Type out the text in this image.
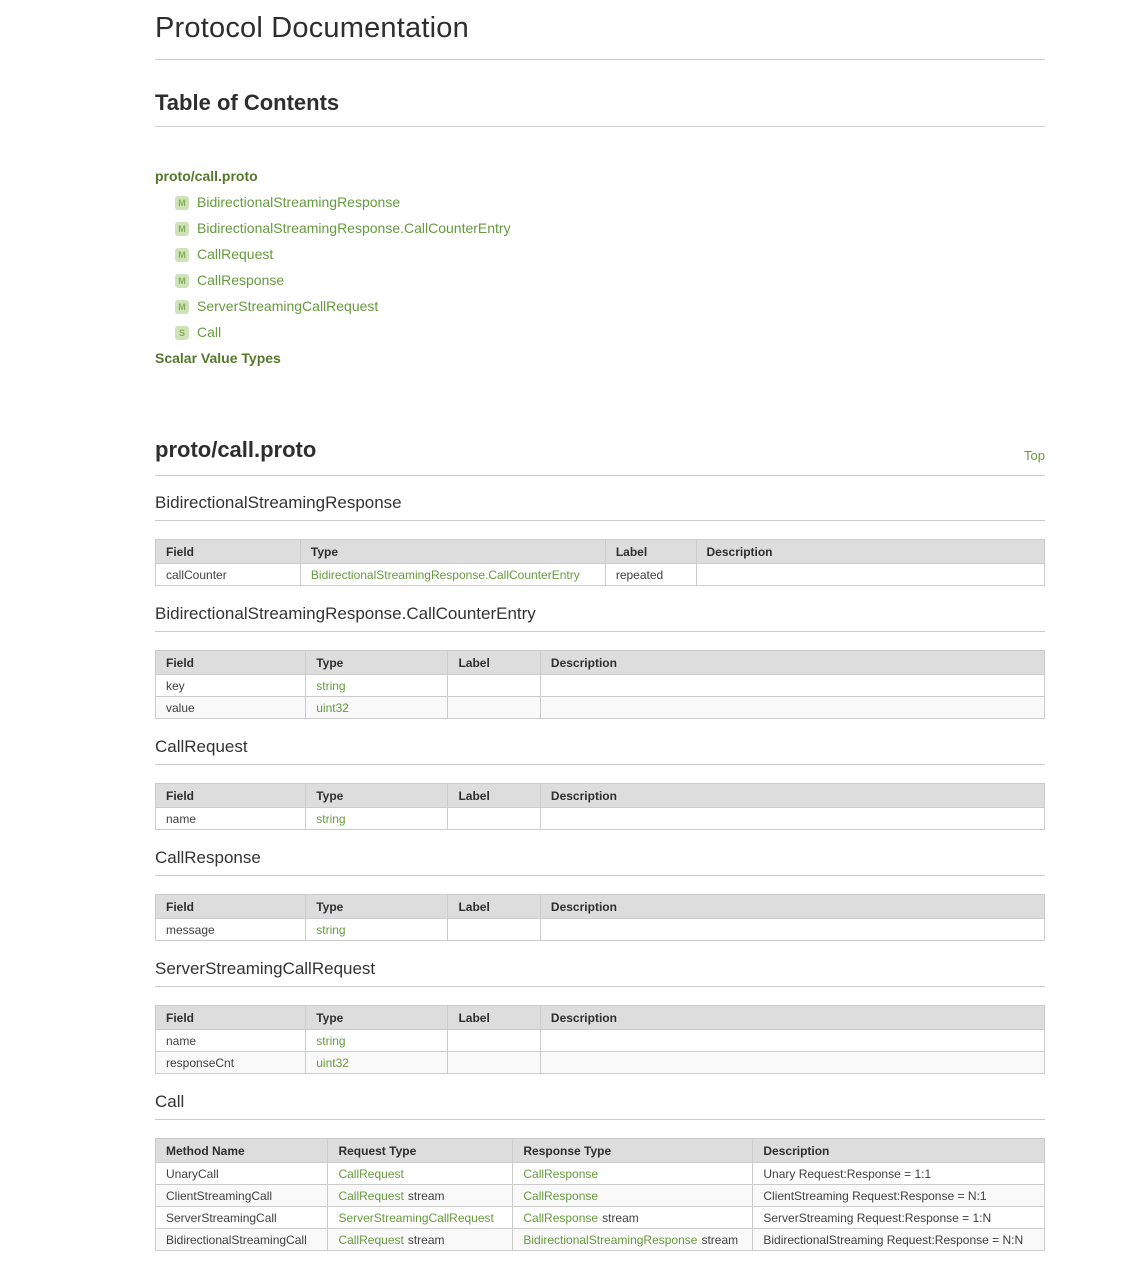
Protocol Documentation
Table of Contents
proto/call.proto
M BidirectionalStreamingResponse
M BidirectionalStreamingResponse.CallCounterEntry
M CallRequest
M CallResponse
M ServerStreamingCallRequest
S Call
Scalar Value Types
proto/call.proto	Top
BidirectionalStreamingResponse
Field	Type	Label	Description
callCounter	BidirectionalStreamingResponse.CallCounterEntry	repeated	
BidirectionalStreamingResponse.CallCounterEntry
Field	Type	Label	Description
key	string		
value	uint32		
CallRequest
Field	Type	Label	Description
name	string		
CallResponse
Field	Type	Label	Description
message	string		
ServerStreamingCallRequest
Field	Type	Label	Description
name	string		
responseCnt	uint32		
Call
Method Name	Request Type	Response Type	Description
UnaryCall	CallRequest	CallResponse	Unary Request:Response = 1:1
ClientStreamingCall	CallRequest stream	CallResponse	ClientStreaming Request:Response = N:1
ServerStreamingCall	ServerStreamingCallRequest	CallResponse stream	ServerStreaming Request:Response = 1:N
BidirectionalStreamingCall	CallRequest stream	BidirectionalStreamingResponse stream	BidirectionalStreaming Request:Response = N:N
